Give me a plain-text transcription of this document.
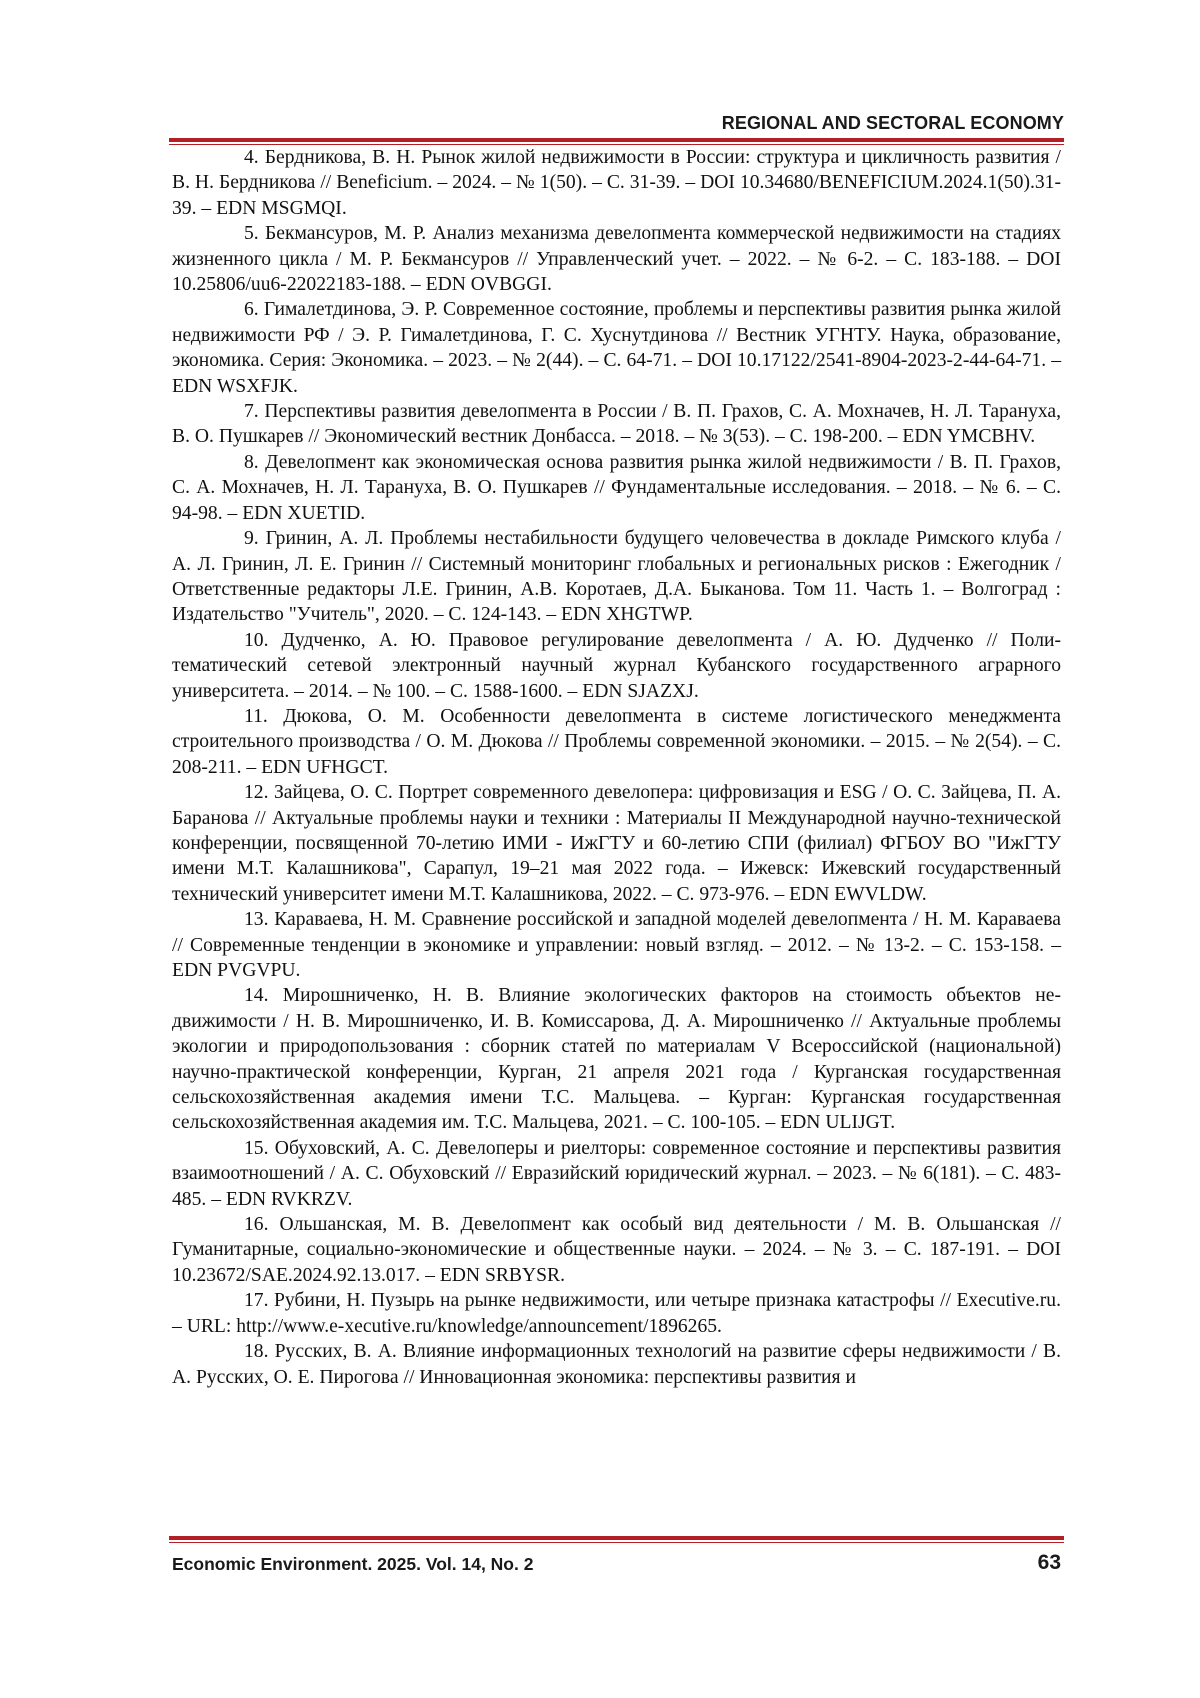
REGIONAL AND SECTORAL ECONOMY

4. Бердникова, В. Н. Рынок жилой недвижимости в России: структура и цикличность развития / В. Н. Бердникова // Beneficium. – 2024. – № 1(50). – С. 31-39. – DOI 10.34680/BENEFICIUM.2024.1(50).31-39. – EDN MSGMQI.

5. Бекмансуров, М. Р. Анализ механизма девелопмента коммерческой недвижимости на стадиях жизненного цикла / М. Р. Бекмансуров // Управленческий учет. – 2022. – № 6-2. – С. 183-188. – DOI 10.25806/uu6-22022183-188. – EDN OVBGGI.

6. Гималетдинова, Э. Р. Современное состояние, проблемы и перспективы развития рынка жилой недвижимости РФ / Э. Р. Гималетдинова, Г. С. Хуснутдинова // Вестник УГНТУ. Наука, образование, экономика. Серия: Экономика. – 2023. – № 2(44). – С. 64-71. – DOI 10.17122/2541-8904-2023-2-44-64-71. – EDN WSXFJK.

7. Перспективы развития девелопмента в России / В. П. Грахов, С. А. Мохначев, Н. Л. Тарануха, В. О. Пушкарев // Экономический вестник Донбасса. – 2018. – № 3(53). – С. 198-200. – EDN YMCBHV.

8. Девелопмент как экономическая основа развития рынка жилой недвижимости / В. П. Грахов, С. А. Мохначев, Н. Л. Тарануха, В. О. Пушкарев // Фундаментальные исследования. – 2018. – № 6. – С. 94-98. – EDN XUETID.

9. Гринин, А. Л. Проблемы нестабильности будущего человечества в докладе Римского клуба / А. Л. Гринин, Л. Е. Гринин // Системный мониторинг глобальных и региональных рисков : Ежегодник / Ответственные редакторы Л.Е. Гринин, А.В. Коротаев, Д.А. Быканова. Том 11. Часть 1. – Волгоград : Издательство "Учитель", 2020. – С. 124-143. – EDN XHGTWP.

10. Дудченко, А. Ю. Правовое регулирование девелопмента / А. Ю. Дудченко // Политематический сетевой электронный научный журнал Кубанского государственного аграрного университета. – 2014. – № 100. – С. 1588-1600. – EDN SJAZXJ.

11. Дюкова, О. М. Особенности девелопмента в системе логистического менеджмента строительного производства / О. М. Дюкова // Проблемы современной экономики. – 2015. – № 2(54). – С. 208-211. – EDN UFHGCT.

12. Зайцева, О. С. Портрет современного девелопера: цифровизация и ESG / О. С. Зайцева, П. А. Баранова // Актуальные проблемы науки и техники : Материалы II Международной научно-технической конференции, посвященной 70-летию ИМИ - ИжГТУ и 60-летию СПИ (филиал) ФГБОУ ВО "ИжГТУ имени М.Т. Калашникова", Сарапул, 19–21 мая 2022 года. – Ижевск: Ижевский государственный технический университет имени М.Т. Калашникова, 2022. – С. 973-976. – EDN EWVLDW.

13. Караваева, Н. М. Сравнение российской и западной моделей девелопмента / Н. М. Караваева // Современные тенденции в экономике и управлении: новый взгляд. – 2012. – № 13-2. – С. 153-158. – EDN PVGVPU.

14. Мирошниченко, Н. В. Влияние экологических факторов на стоимость объектов недвижимости / Н. В. Мирошниченко, И. В. Комиссарова, Д. А. Мирошниченко // Актуальные проблемы экологии и природопользования : сборник статей по материалам V Всероссийской (национальной) научно-практической конференции, Курган, 21 апреля 2021 года / Курганская государственная сельскохозяйственная академия имени Т.С. Мальцева. – Курган: Курганская государственная сельскохозяйственная академия им. Т.С. Мальцева, 2021. – С. 100-105. – EDN ULIJGT.

15. Обуховский, А. С. Девелоперы и риелторы: современное состояние и перспективы развития взаимоотношений / А. С. Обуховский // Евразийский юридический журнал. – 2023. – № 6(181). – С. 483-485. – EDN RVKRZV.

16. Ольшанская, М. В. Девелопмент как особый вид деятельности / М. В. Ольшанская // Гуманитарные, социально-экономические и общественные науки. – 2024. – № 3. – С. 187-191. – DOI 10.23672/SAE.2024.92.13.017. – EDN SRBYSR.

17. Рубини, Н. Пузырь на рынке недвижимости, или четыре признака катастрофы // Executive.ru. – URL: http://www.e-xecutive.ru/knowledge/announcement/1896265.

18. Русских, В. А. Влияние информационных технологий на развитие сферы недвижимости / В. А. Русских, О. Е. Пирогова // Инновационная экономика: перспективы развития и

Economic Environment. 2025. Vol. 14, No. 2	63
